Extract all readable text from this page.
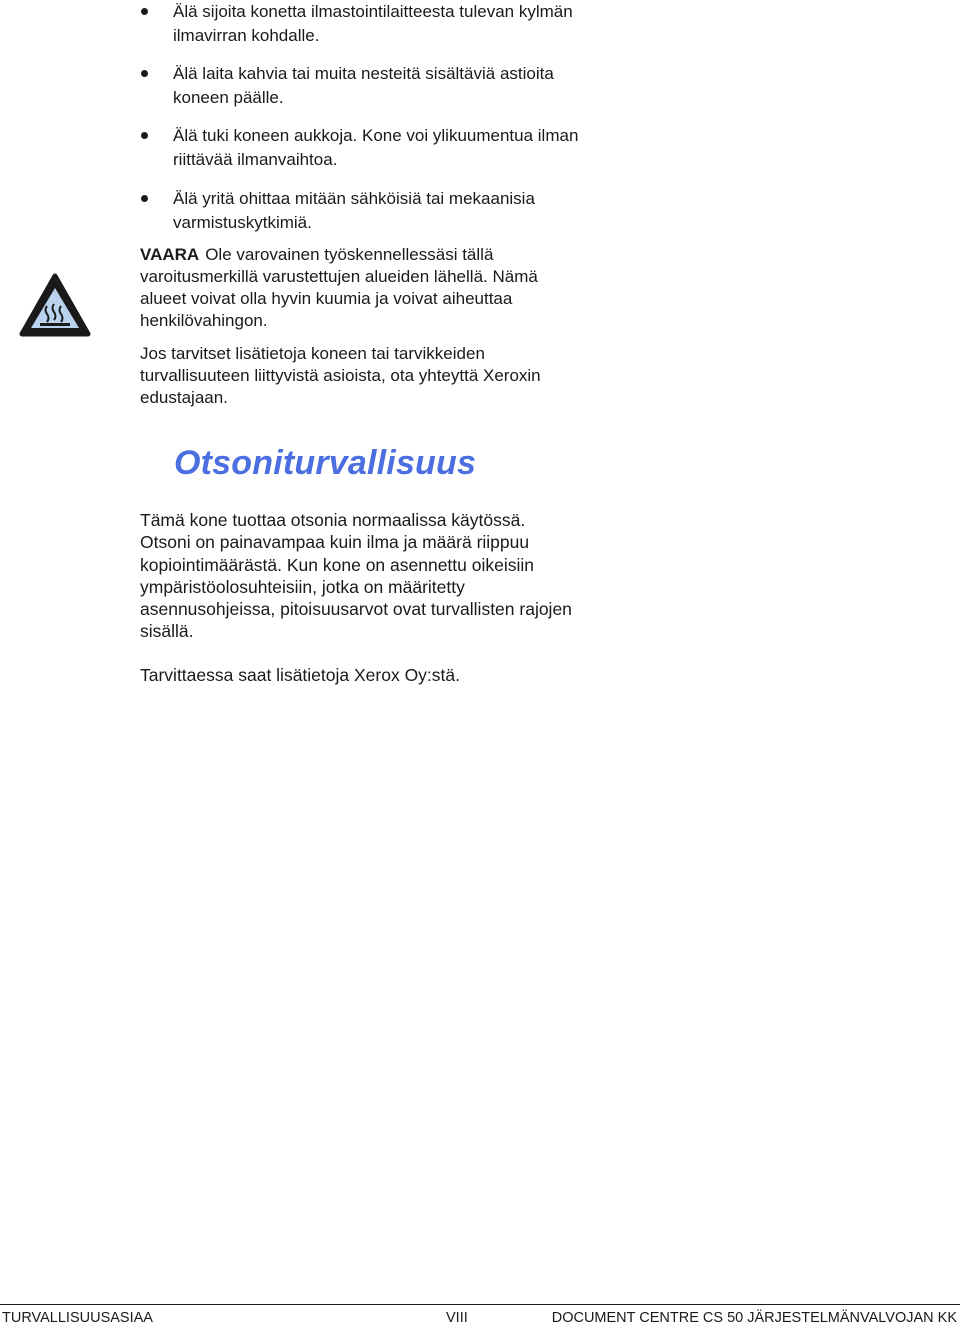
Älä sijoita konetta ilmastointilaitteesta tulevan kylmän ilmavirran kohdalle.
Älä laita kahvia tai muita nesteitä sisältäviä astioita koneen päälle.
Älä tuki koneen aukkoja. Kone voi ylikuumentua ilman riittävää ilmanvaihtoa.
Älä yritä ohittaa mitään sähköisiä tai mekaanisia varmistuskytkimiä.
VAARA Ole varovainen työskennellessäsi tällä varoitusmerkillä varustettujen alueiden lähellä. Nämä alueet voivat olla hyvin kuumia ja voivat aiheuttaa henkilövahingon.
Jos tarvitset lisätietoja koneen tai tarvikkeiden turvallisuuteen liittyvistä asioista, ota yhteyttä Xeroxin edustajaan.
Otsoniturvallisuus
Tämä kone tuottaa otsonia normaalissa käytössä. Otsoni on painavampaa kuin ilma ja määrä riippuu kopiointimäärästä. Kun kone on asennettu oikeisiin ympäristöolosuhteisiin, jotka on määritetty asennusohjeissa, pitoisuusarvot ovat turvallisten rajojen sisällä.
Tarvittaessa saat lisätietoja Xerox Oy:stä.
TURVALLISUUSASIAA	VIII	DOCUMENT CENTRE CS 50 JÄRJESTELMÄNVALVOJAN KK
